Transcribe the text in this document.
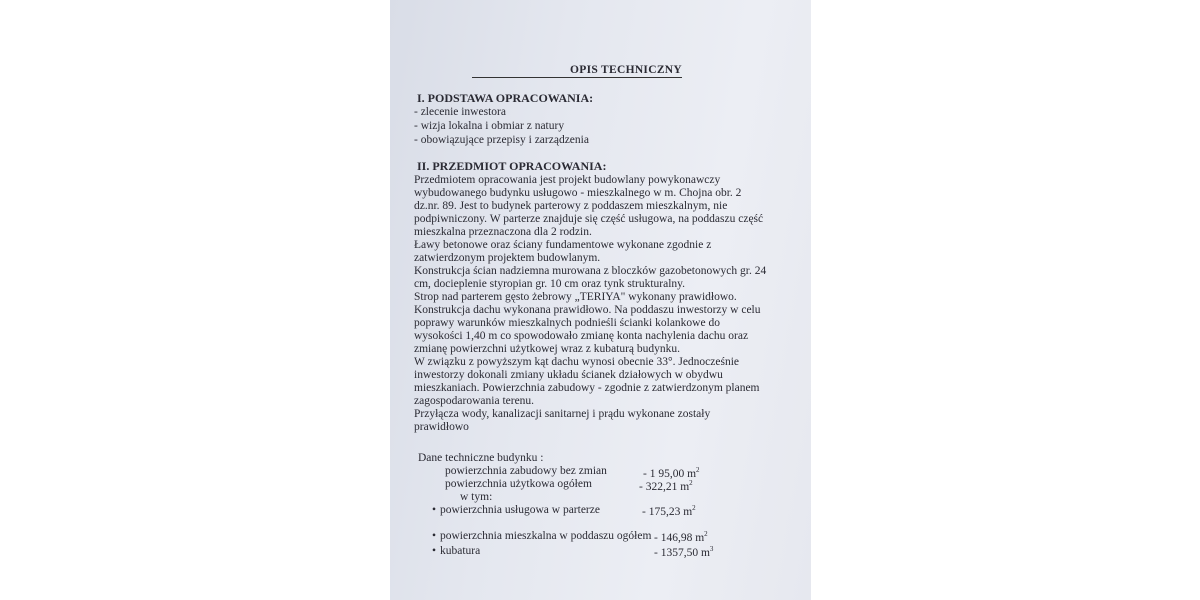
OPIS TECHNICZNY
I. PODSTAWA OPRACOWANIA:
- zlecenie inwestora
- wizja lokalna i obmiar z natury
- obowiązujące przepisy i zarządzenia
II. PRZEDMIOT OPRACOWANIA:
Przedmiotem opracowania jest projekt budowlany powykonawczy
wybudowanego budynku usługowo - mieszkalnego w m. Chojna obr. 2
dz.nr. 89. Jest to budynek parterowy z poddaszem mieszkalnym, nie
podpiwniczony. W parterze znajduje się część usługowa, na poddaszu część
mieszkalna przeznaczona dla 2 rodzin.
Ławy betonowe oraz ściany fundamentowe wykonane zgodnie z
zatwierdzonym projektem budowlanym.
Konstrukcja ścian nadziemna murowana z bloczków gazobetonowych gr. 24
cm, docieplenie styropian gr. 10 cm oraz tynk strukturalny.
Strop nad parterem gęsto żebrowy „TERIYA" wykonany prawidłowo.
Konstrukcja dachu wykonana prawidłowo. Na poddaszu inwestorzy w celu
poprawy warunków mieszkalnych podnieśli ścianki kolankowe do
wysokości 1,40 m co spowodowało zmianę konta nachylenia dachu oraz
zmianę powierzchni użytkowej wraz z kubaturą budynku.
W związku z powyższym kąt dachu wynosi obecnie 33°. Jednocześnie
inwestorzy dokonali zmiany układu ścianek działowych w obydwu
mieszkaniach. Powierzchnia zabudowy - zgodnie z zatwierdzonym planem
zagospodarowania terenu.
Przyłącza wody, kanalizacji sanitarnej i prądu wykonane zostały
prawidłowo
Dane techniczne budynku :
powierzchnia zabudowy bez zmian	- 1 95,00 $m^2$
powierzchnia użytkowa ogółem	- 322,21 $m^2$
w tym:
• powierzchnia usługowa w parterze	- 175,23 $m^2$
• powierzchnia mieszkalna w poddaszu ogółem - 146,98 $m^2$
• kubatura	- 1357,50 $m^3$
